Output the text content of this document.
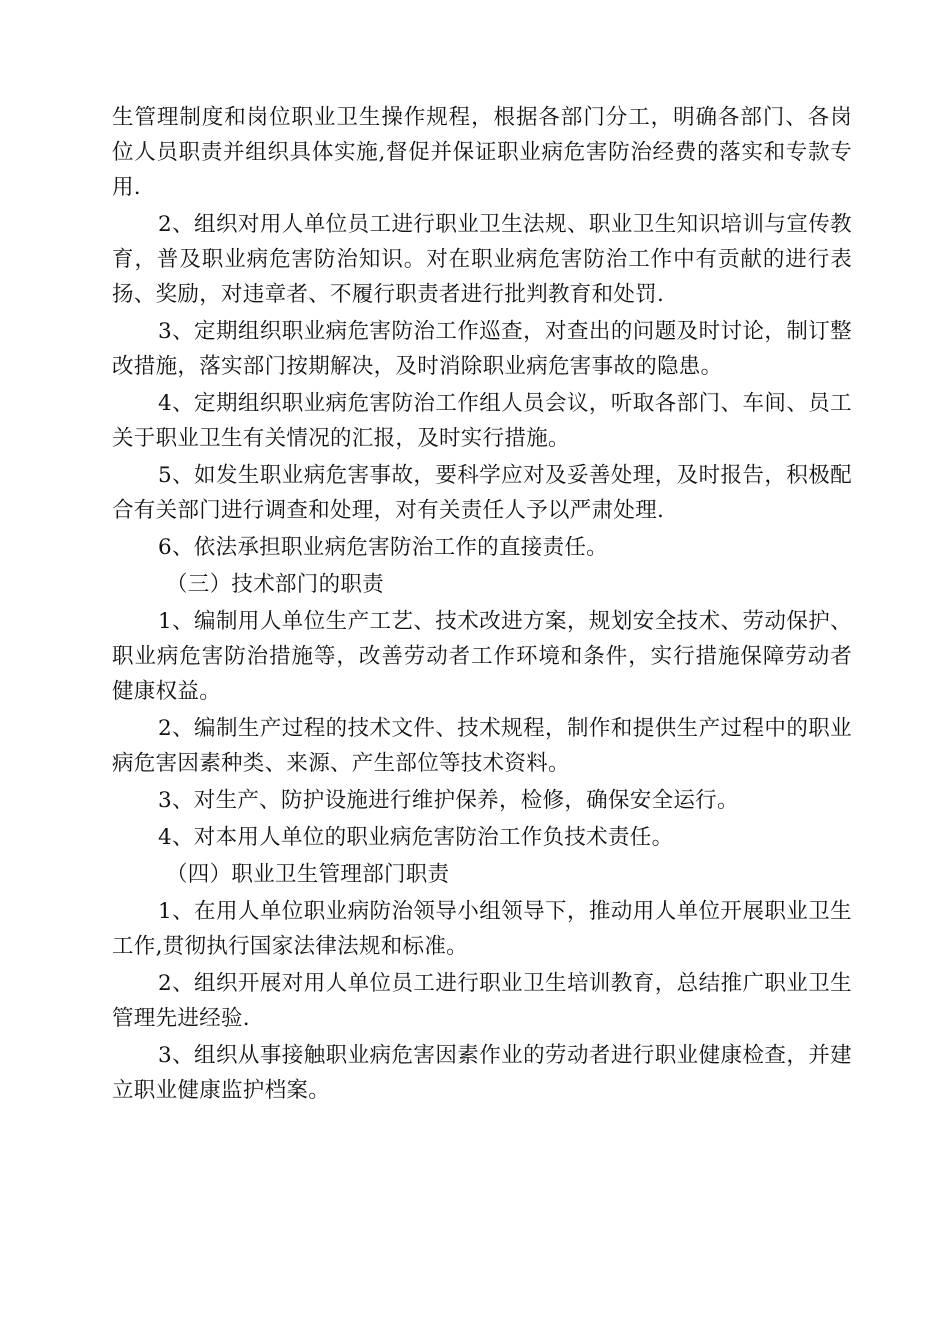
生管理制度和岗位职业卫生操作规程，根据各部门分工，明确各部门、各岗位人员职责并组织具体实施,督促并保证职业病危害防治经费的落实和专款专用.

2、组织对用人单位员工进行职业卫生法规、职业卫生知识培训与宣传教育，普及职业病危害防治知识。对在职业病危害防治工作中有贡献的进行表扬、奖励，对违章者、不履行职责者进行批判教育和处罚.

3、定期组织职业病危害防治工作巡查，对查出的问题及时讨论，制订整改措施，落实部门按期解决，及时消除职业病危害事故的隐患。

4、定期组织职业病危害防治工作组人员会议，听取各部门、车间、员工关于职业卫生有关情况的汇报，及时实行措施。

5、如发生职业病危害事故，要科学应对及妥善处理，及时报告，积极配合有关部门进行调查和处理，对有关责任人予以严肃处理.

6、依法承担职业病危害防治工作的直接责任。

（三）技术部门的职责

1、编制用人单位生产工艺、技术改进方案，规划安全技术、劳动保护、职业病危害防治措施等，改善劳动者工作环境和条件，实行措施保障劳动者健康权益。

2、编制生产过程的技术文件、技术规程，制作和提供生产过程中的职业病危害因素种类、来源、产生部位等技术资料。

3、对生产、防护设施进行维护保养，检修，确保安全运行。

4、对本用人单位的职业病危害防治工作负技术责任。

（四）职业卫生管理部门职责

1、在用人单位职业病防治领导小组领导下，推动用人单位开展职业卫生工作,贯彻执行国家法律法规和标准。

2、组织开展对用人单位员工进行职业卫生培训教育，总结推广职业卫生管理先进经验.

3、组织从事接触职业病危害因素作业的劳动者进行职业健康检查，并建立职业健康监护档案。
